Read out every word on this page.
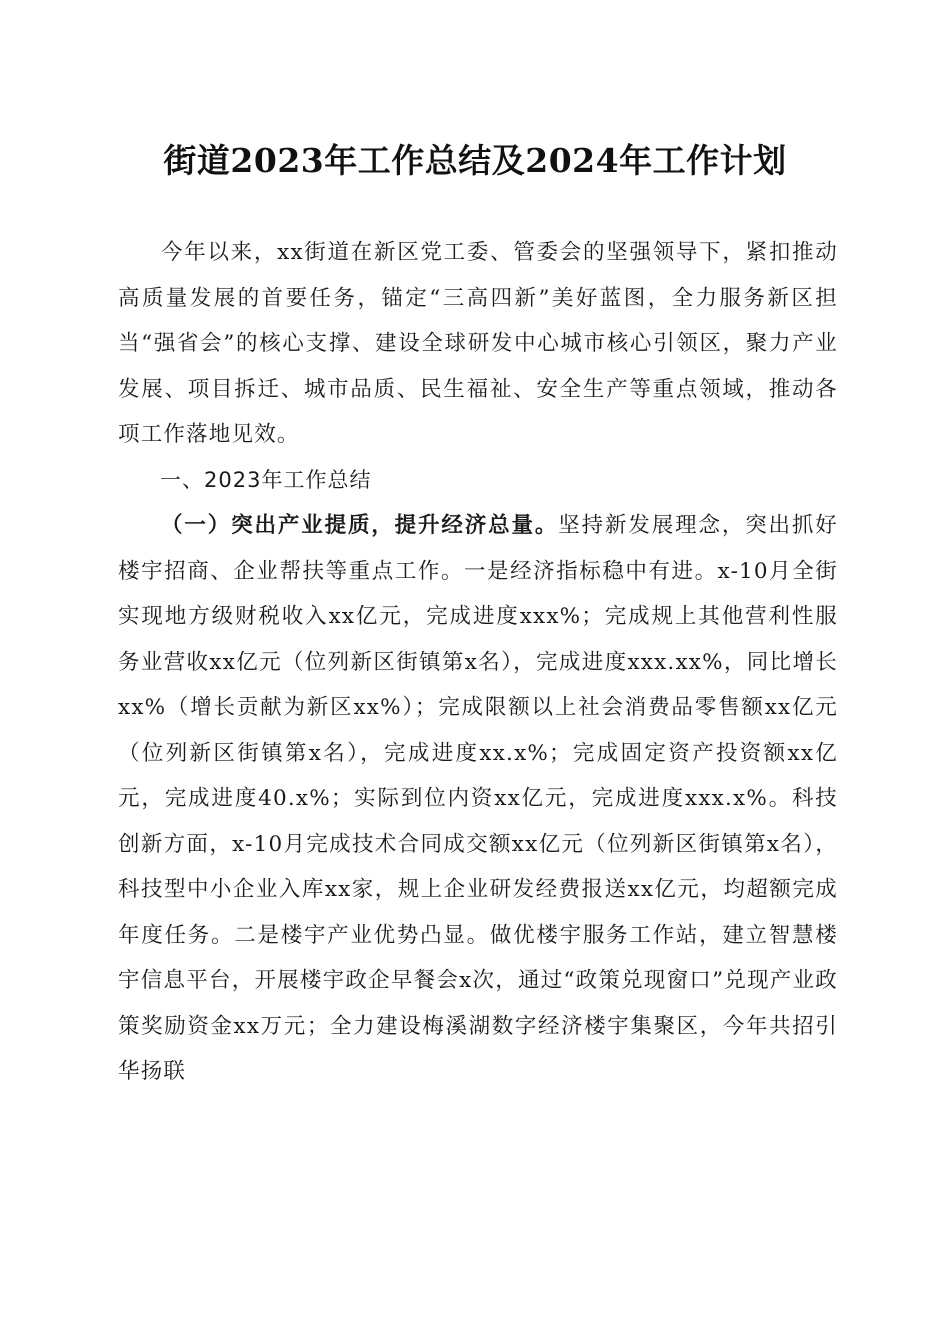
街道2023年工作总结及2024年工作计划

今年以来，xx街道在新区党工委、管委会的坚强领导下，紧扣推动高质量发展的首要任务，锚定“三高四新”美好蓝图，全力服务新区担当“强省会”的核心支撑、建设全球研发中心城市核心引领区，聚力产业发展、项目拆迁、城市品质、民生福祉、安全生产等重点领域，推动各项工作落地见效。

一、2023年工作总结

（一）突出产业提质，提升经济总量。坚持新发展理念，突出抓好楼宇招商、企业帮扶等重点工作。一是经济指标稳中有进。x-10月全街实现地方级财税收入xx亿元，完成进度xxx%；完成规上其他营利性服务业营收xx亿元（位列新区街镇第x名），完成进度xxx.xx%，同比增长xx%（增长贡献为新区xx%）；完成限额以上社会消费品零售额xx亿元（位列新区街镇第x名），完成进度xx.x%；完成固定资产投资额xx亿元，完成进度40.x%；实际到位内资xx亿元，完成进度xxx.x%。科技创新方面，x-10月完成技术合同成交额xx亿元（位列新区街镇第x名），科技型中小企业入库xx家，规上企业研发经费报送xx亿元，均超额完成年度任务。二是楼宇产业优势凸显。做优楼宇服务工作站，建立智慧楼宇信息平台，开展楼宇政企早餐会x次，通过“政策兑现窗口”兑现产业政策奖励资金xx万元；全力建设梅溪湖数字经济楼宇集聚区，今年共招引华扬联
